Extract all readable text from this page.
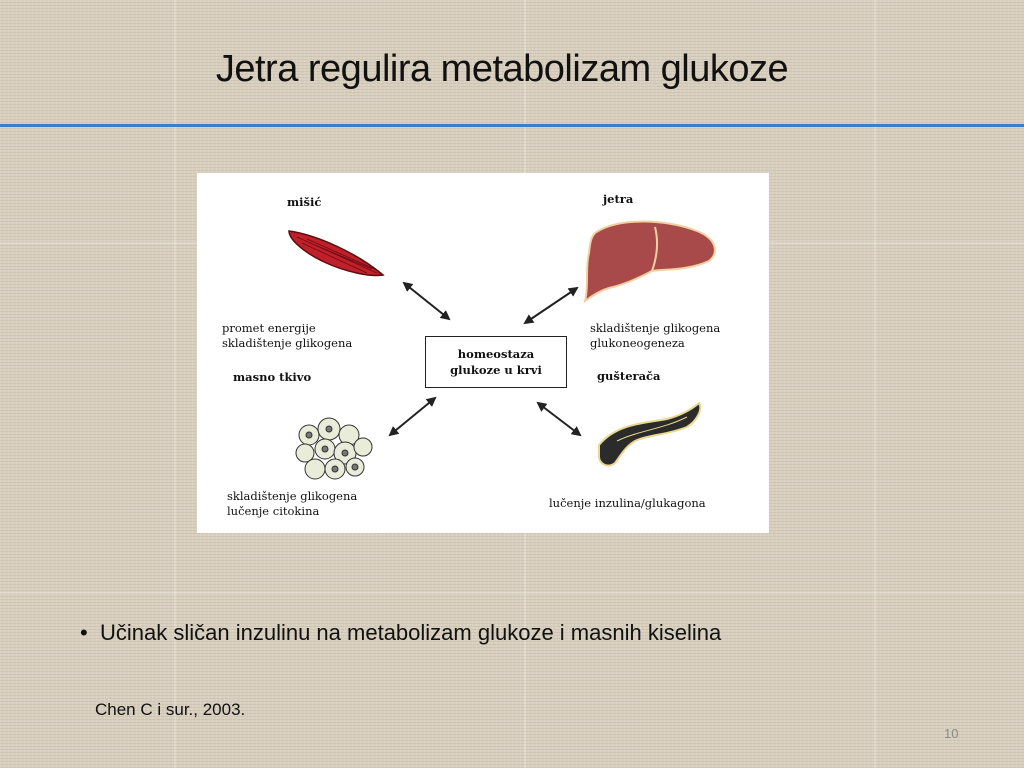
Jetra regulira metabolizam glukoze
mišić	jetra
promet energije
skladištenje glikogena
skladištenje glikogena
glukoneogeneza
masno tkivo	gušterača
homeostaza
glukoze u krvi
skladištenje glikogena
lučenje citokina
lučenje inzulina/glukagona
• Učinak sličan inzulinu na metabolizam glukoze i masnih kiselina
Chen C i sur., 2003.
10
